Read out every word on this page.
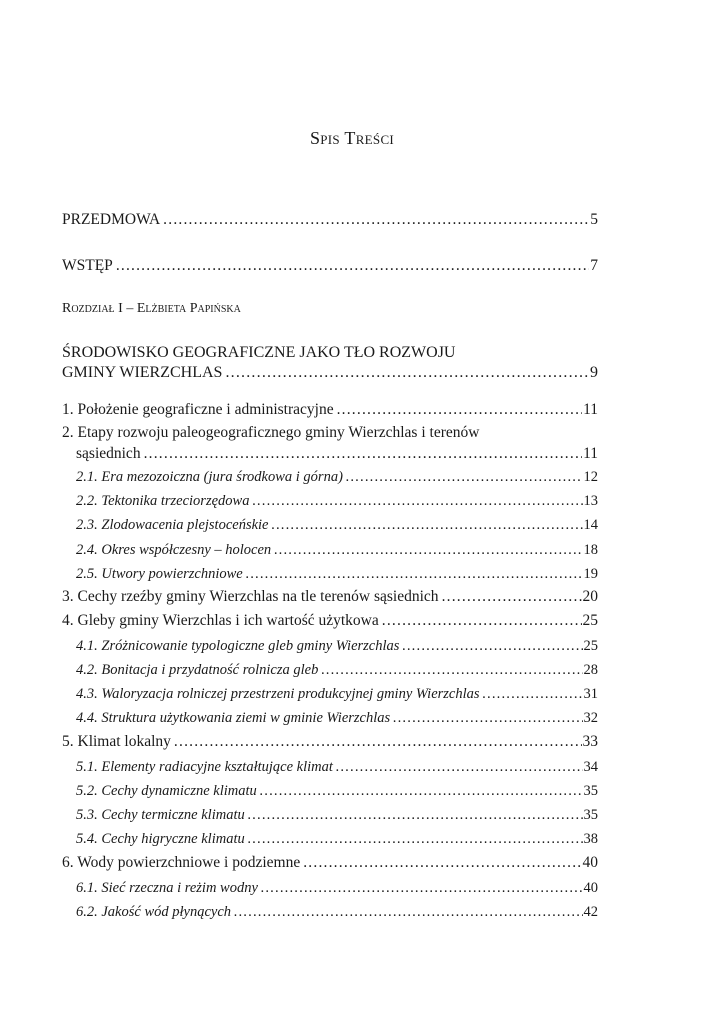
Spis Treści
PRZEDMOWA .....	5
WSTĘP .....	7
Rozdział I – Elżbieta Papińska
ŚRODOWISKO GEOGRAFICZNE JAKO TŁO ROZWOJU
GMINY WIERZCHLAS .....	9
1. Położenie geograficzne i administracyjne .....	11
2. Etapy rozwoju paleogeograficznego gminy Wierzchlas i terenów
sąsiednich .....	11
2.1. Era mezozoiczna (jura środkowa i górna) .....	12
2.2. Tektonika trzeciorzędowa .....	13
2.3. Zlodowacenia plejstoceńskie .....	14
2.4. Okres współczesny – holocen .....	18
2.5. Utwory powierzchniowe .....	19
3. Cechy rzeźby gminy Wierzchlas na tle terenów sąsiednich .....	20
4. Gleby gminy Wierzchlas i ich wartość użytkowa .....	25
4.1. Zróżnicowanie typologiczne gleb gminy Wierzchlas .....	25
4.2. Bonitacja i przydatność rolnicza gleb .....	28
4.3. Waloryzacja rolniczej przestrzeni produkcyjnej gminy Wierzchlas .....	31
4.4. Struktura użytkowania ziemi w gminie Wierzchlas .....	32
5. Klimat lokalny .....	33
5.1. Elementy radiacyjne kształtujące klimat .....	34
5.2. Cechy dynamiczne klimatu .....	35
5.3. Cechy termiczne klimatu .....	35
5.4. Cechy higryczne klimatu .....	38
6. Wody powierzchniowe i podziemne .....	40
6.1. Sieć rzeczna i reżim wodny .....	40
6.2. Jakość wód płynących .....	42
